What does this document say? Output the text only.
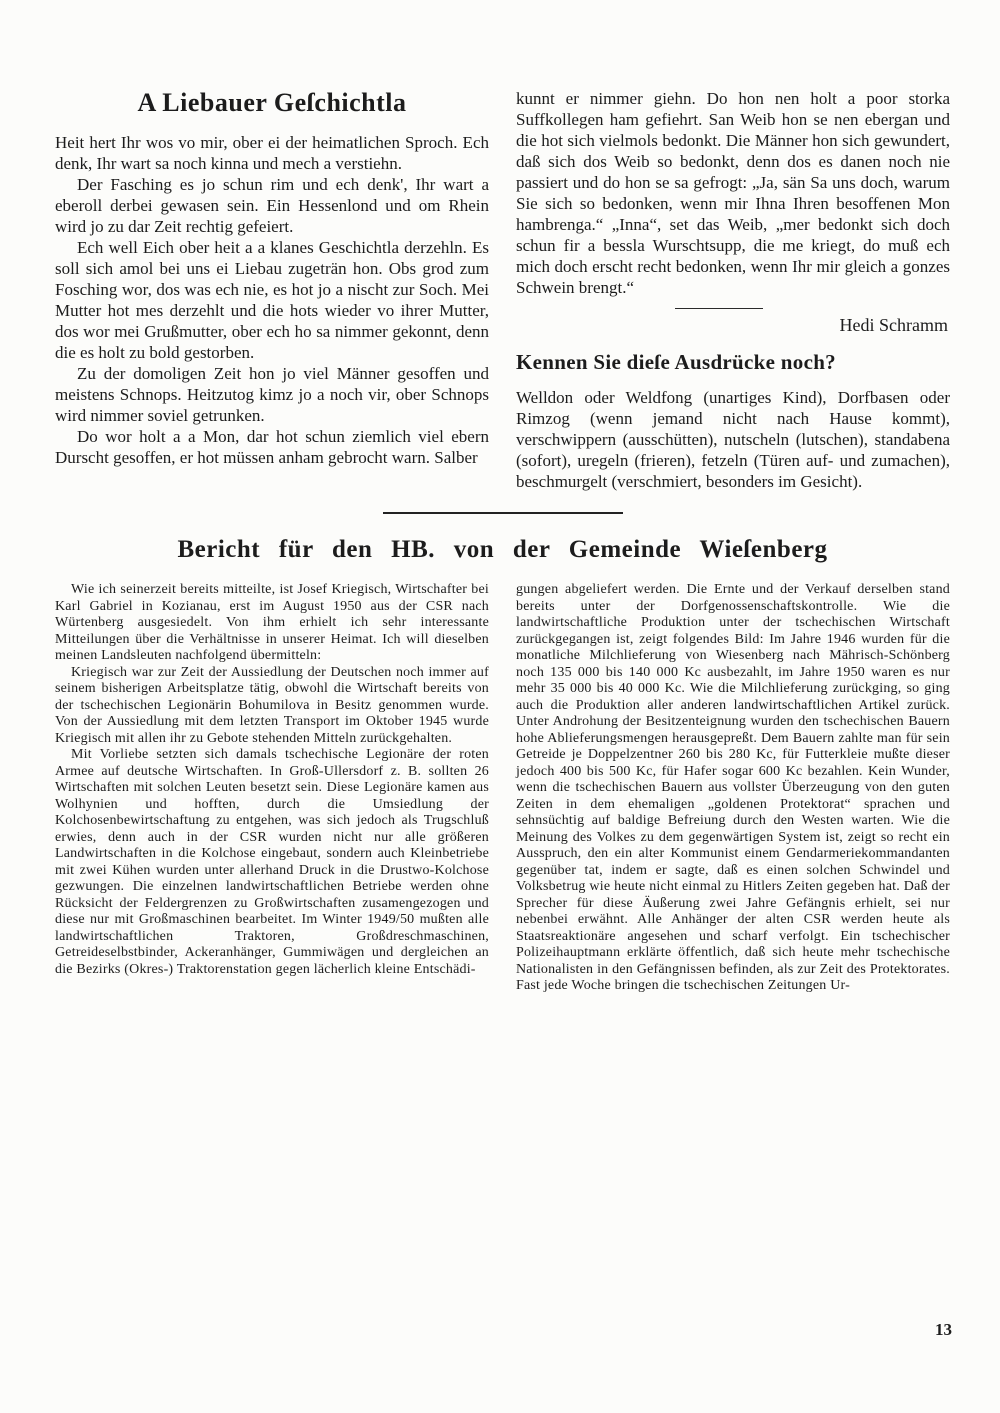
A Liebauer Geſchichtla

Heit hert Ihr wos vo mir, ober ei der heimatlichen Sproch. Ech denk, Ihr wart sa noch kinna und mech a verstiehn.

Der Fasching es jo schun rim und ech denk', Ihr wart a eberoll derbei gewasen sein. Ein Hessenlond und om Rhein wird jo zu dar Zeit rechtig gefeiert.

Ech well Eich ober heit a a klanes Geschichtla derzehln. Es soll sich amol bei uns ei Liebau zugeträn hon. Obs grod zum Fosching wor, dos was ech nie, es hot jo a nischt zur Soch. Mei Mutter hot mes derzehlt und die hots wieder vo ihrer Mutter, dos wor mei Grußmutter, ober ech ho sa nimmer gekonnt, denn die es holt zu bold gestorben.

Zu der domoligen Zeit hon jo viel Männer gesoffen und meistens Schnops. Heitzutog kimz jo a noch vir, ober Schnops wird nimmer soviel getrunken.

Do wor holt a a Mon, dar hot schun ziemlich viel ebern Durscht gesoffen, er hot müssen anham gebrocht warn. Salber

kunnt er nimmer giehn. Do hon nen holt a poor storka Suffkollegen ham gefiehrt. San Weib hon se nen ebergan und die hot sich vielmols bedonkt. Die Männer hon sich gewundert, daß sich dos Weib so bedonkt, denn dos es danen noch nie passiert und do hon se sa gefrogt: „Ja, sän Sa uns doch, warum Sie sich so bedonken, wenn mir Ihna Ihren besoffenen Mon hambrenga.“ „Inna“, set das Weib, „mer bedonkt sich doch schun fir a bessla Wurschtsupp, die me kriegt, do muß ech mich doch erscht recht bedonken, wenn Ihr mir gleich a gonzes Schwein brengt.“

Hedi Schramm
Kennen Sie dieſe Ausdrücke noch?

Welldon oder Weldfong (unartiges Kind), Dorfbasen oder Rimzog (wenn jemand nicht nach Hause kommt), verschwippern (ausschütten), nutscheln (lutschen), standabena (sofort), uregeln (frieren), fetzeln (Türen auf- und zumachen), beschmurgelt (verschmiert, besonders im Gesicht).

Bericht für den HB. von der Gemeinde Wieſenberg

Wie ich seinerzeit bereits mitteilte, ist Josef Kriegisch, Wirtschafter bei Karl Gabriel in Kozianau, erst im August 1950 aus der CSR nach Würtenberg ausgesiedelt. Von ihm erhielt ich sehr interessante Mitteilungen über die Verhältnisse in unserer Heimat. Ich will dieselben meinen Landsleuten nachfolgend übermitteln:

Kriegisch war zur Zeit der Aussiedlung der Deutschen noch immer auf seinem bisherigen Arbeitsplatze tätig, obwohl die Wirtschaft bereits von der tschechischen Legionärin Bohumilova in Besitz genommen wurde. Von der Aussiedlung mit dem letzten Transport im Oktober 1945 wurde Kriegisch mit allen ihr zu Gebote stehenden Mitteln zurückgehalten.

Mit Vorliebe setzten sich damals tschechische Legionäre der roten Armee auf deutsche Wirtschaften. In Groß-Ullersdorf z. B. sollten 26 Wirtschaften mit solchen Leuten besetzt sein. Diese Legionäre kamen aus Wolhynien und hofften, durch die Umsiedlung der Kolchosenbewirtschaftung zu entgehen, was sich jedoch als Trugschluß erwies, denn auch in der CSR wurden nicht nur alle größeren Landwirtschaften in die Kolchose eingebaut, sondern auch Kleinbetriebe mit zwei Kühen wurden unter allerhand Druck in die Drustwo-Kolchose gezwungen. Die einzelnen landwirtschaftlichen Betriebe werden ohne Rücksicht der Feldergrenzen zu Großwirtschaften zusamengezogen und diese nur mit Großmaschinen bearbeitet. Im Winter 1949/50 mußten alle landwirtschaftlichen Traktoren, Großdreschmaschinen, Getreideselbstbinder, Ackeranhänger, Gummiwägen und dergleichen an die Bezirks (Okres-) Traktorenstation gegen lächerlich kleine Entschädi-

gungen abgeliefert werden. Die Ernte und der Verkauf derselben stand bereits unter der Dorfgenossenschaftskontrolle. Wie die landwirtschaftliche Produktion unter der tschechischen Wirtschaft zurückgegangen ist, zeigt folgendes Bild: Im Jahre 1946 wurden für die monatliche Milchlieferung von Wiesenberg nach Mährisch-Schönberg noch 135 000 bis 140 000 Kc ausbezahlt, im Jahre 1950 waren es nur mehr 35 000 bis 40 000 Kc. Wie die Milchlieferung zurückging, so ging auch die Produktion aller anderen landwirtschaftlichen Artikel zurück. Unter Androhung der Besitzenteignung wurden den tschechischen Bauern hohe Ablieferungsmengen herausgepreßt. Dem Bauern zahlte man für sein Getreide je Doppelzentner 260 bis 280 Kc, für Futterkleie mußte dieser jedoch 400 bis 500 Kc, für Hafer sogar 600 Kc bezahlen. Kein Wunder, wenn die tschechischen Bauern aus vollster Überzeugung von den guten Zeiten in dem ehemaligen „goldenen Protektorat“ sprachen und sehnsüchtig auf baldige Befreiung durch den Westen warten. Wie die Meinung des Volkes zu dem gegenwärtigen System ist, zeigt so recht ein Ausspruch, den ein alter Kommunist einem Gendarmeriekommandanten gegenüber tat, indem er sagte, daß es einen solchen Schwindel und Volksbetrug wie heute nicht einmal zu Hitlers Zeiten gegeben hat. Daß der Sprecher für diese Äußerung zwei Jahre Gefängnis erhielt, sei nur nebenbei erwähnt. Alle Anhänger der alten CSR werden heute als Staatsreaktionäre angesehen und scharf verfolgt. Ein tschechischer Polizeihauptmann erklärte öffentlich, daß sich heute mehr tschechische Nationalisten in den Gefängnissen befinden, als zur Zeit des Protektorates. Fast jede Woche bringen die tschechischen Zeitungen Ur-

13
